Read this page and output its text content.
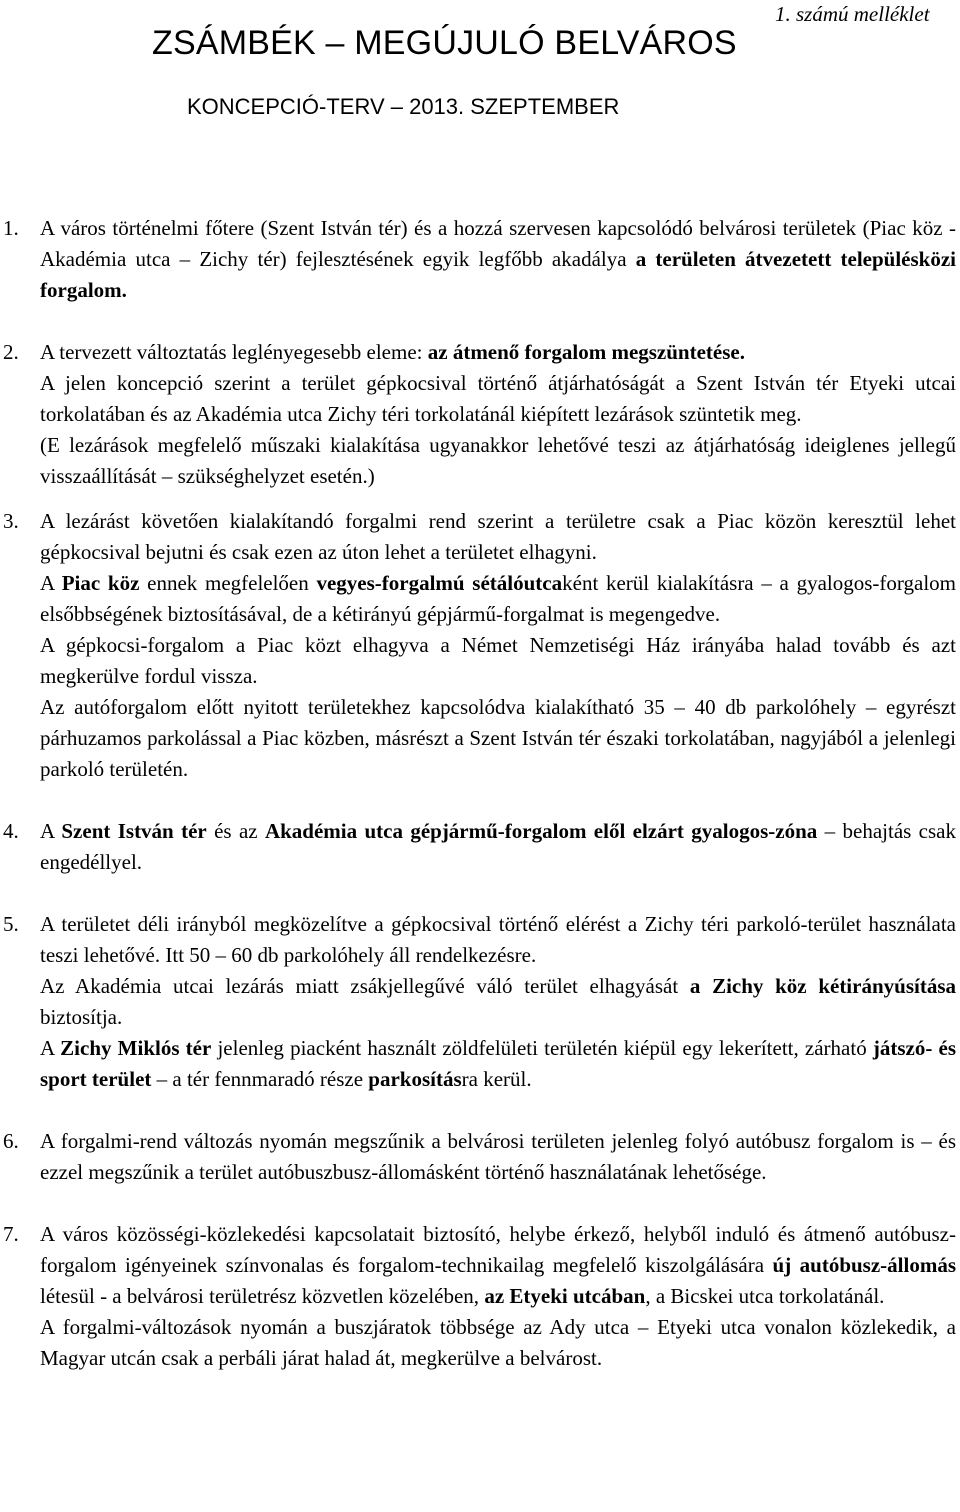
1. számú melléklet
ZSÁMBÉK – MEGÚJULÓ BELVÁROS
KONCEPCIÓ-TERV – 2013. SZEPTEMBER
1. A város történelmi főtere (Szent István tér) és a hozzá szervesen kapcsolódó belvárosi területek (Piac köz - Akadémia utca – Zichy tér) fejlesztésének egyik legfőbb akadálya a területen átvezetett településközi forgalom.

2. A tervezett változtatás leglényegesebb eleme: az átmenő forgalom megszüntetése.

A jelen koncepció szerint a terület gépkocsival történő átjárhatóságát a Szent István tér Etyeki utcai torkolatában és az Akadémia utca Zichy téri torkolatánál kiépített lezárások szüntetik meg.

(E lezárások megfelelő műszaki kialakítása ugyanakkor lehetővé teszi az átjárhatóság ideiglenes jellegű visszaállítását – szükséghelyzet esetén.)

3. A lezárást követően kialakítandó forgalmi rend szerint a területre csak a Piac közön keresztül lehet gépkocsival bejutni és csak ezen az úton lehet a területet elhagyni.

A Piac köz ennek megfelelően vegyes-forgalmú sétálóutcaként kerül kialakításra – a gyalogos-forgalom elsőbbségének biztosításával, de a kétirányú gépjármű-forgalmat is megengedve.

A gépkocsi-forgalom a Piac közt elhagyva a Német Nemzetiségi Ház irányába halad tovább és azt megkerülve fordul vissza.

Az autóforgalom előtt nyitott területekhez kapcsolódva kialakítható 35 – 40 db parkolóhely – egyrészt párhuzamos parkolással a Piac közben, másrészt a Szent István tér északi torkolatában, nagyjából a jelenlegi parkoló területén.

4. A Szent István tér és az Akadémia utca gépjármű-forgalom elől elzárt gyalogos-zóna – behajtás csak engedéllyel.

5. A területet déli irányból megközelítve a gépkocsival történő elérést a Zichy téri parkoló-terület használata teszi lehetővé. Itt 50 – 60 db parkolóhely áll rendelkezésre.

Az Akadémia utcai lezárás miatt zsákjellegűvé váló terület elhagyását a Zichy köz kétirányúsítása biztosítja.

A Zichy Miklós tér jelenleg piacként használt zöldfelületi területén kiépül egy lekerített, zárható játszó- és sport terület – a tér fennmaradó része parkosításra kerül.

6. A forgalmi-rend változás nyomán megszűnik a belvárosi területen jelenleg folyó autóbusz forgalom is – és ezzel megszűnik a terület autóbuszbusz-állomásként történő használatának lehetősége.

7. A város közösségi-közlekedési kapcsolatait biztosító, helybe érkező, helyből induló és átmenő autóbusz-forgalom igényeinek színvonalas és forgalom-technikailag megfelelő kiszolgálására új autóbusz-állomás létesül - a belvárosi területrész közvetlen közelében, az Etyeki utcában, a Bicskei utca torkolatánál.

A forgalmi-változások nyomán a buszjáratok többsége az Ady utca – Etyeki utca vonalon közlekedik, a Magyar utcán csak a perbáli járat halad át, megkerülve a belvárost.
